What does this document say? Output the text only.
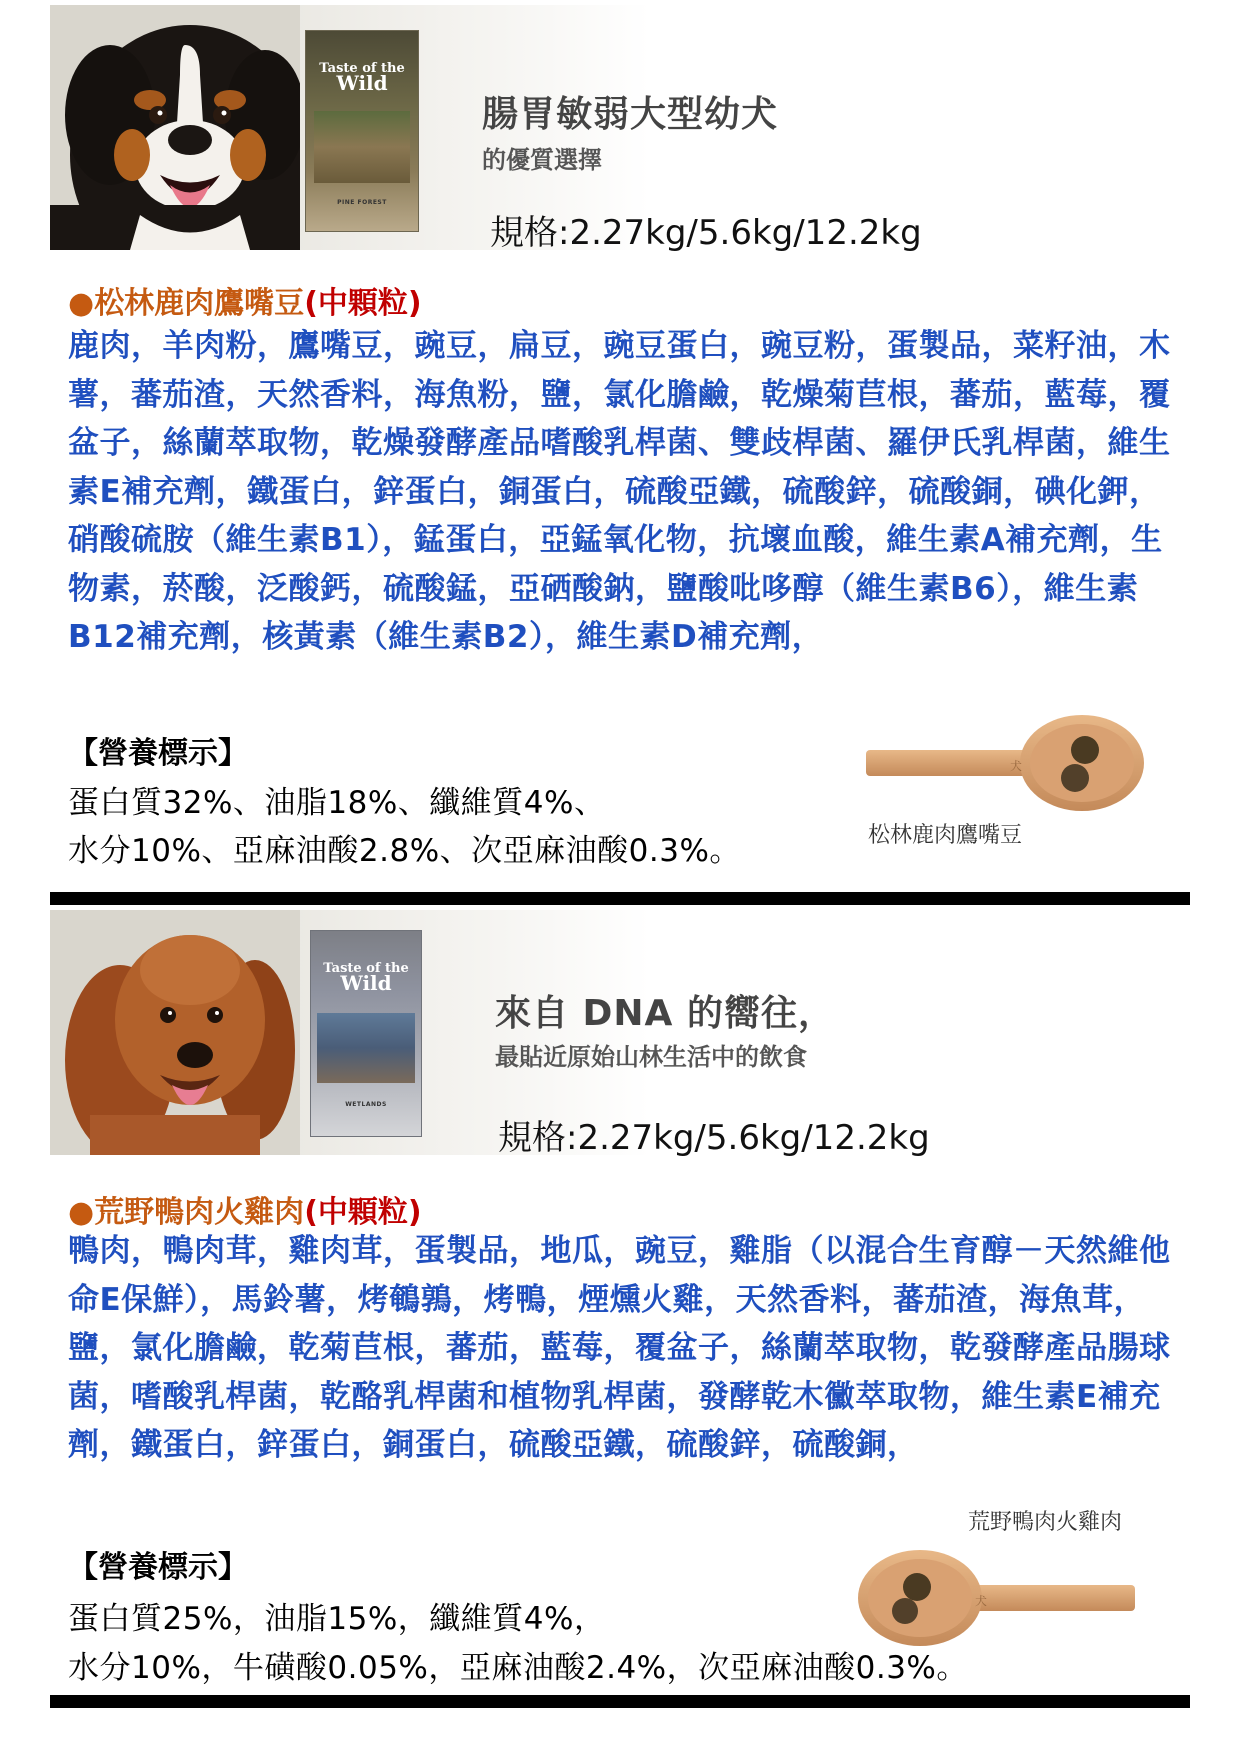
Taste of the
Wild
PINE FOREST
腸胃敏弱大型幼犬
的優質選擇
規格:2.27kg/5.6kg/12.2kg
●松林鹿肉鷹嘴豆(中顆粒)
鹿肉，羊肉粉，鷹嘴豆，豌豆，扁豆，豌豆蛋白，豌豆粉，蛋製品，菜籽油，木薯，蕃茄渣，天然香料，海魚粉，鹽，氯化膽鹼，乾燥菊苣根，蕃茄，藍莓，覆盆子，絲蘭萃取物，乾燥發酵產品嗜酸乳桿菌、雙歧桿菌、羅伊氏乳桿菌，維生素E補充劑，鐵蛋白，鋅蛋白，銅蛋白，硫酸亞鐵，硫酸鋅，硫酸銅，碘化鉀，硝酸硫胺（維生素B1），錳蛋白，亞錳氧化物，抗壞血酸，維生素A補充劑，生物素，菸酸，泛酸鈣，硫酸錳，亞硒酸鈉，鹽酸吡哆醇（維生素B6），維生素B12補充劑，核黃素（維生素B2），維生素D補充劑，
【營養標示】
蛋白質32%、油脂18%、纖維質4%、
水分10%、亞麻油酸2.8%、次亞麻油酸0.3%。
犬
松林鹿肉鷹嘴豆
Taste of the
Wild
WETLANDS
來自 DNA 的嚮往，
最貼近原始山林生活中的飲食
規格:2.27kg/5.6kg/12.2kg
●荒野鴨肉火雞肉(中顆粒)
鴨肉，鴨肉茸，雞肉茸，蛋製品，地瓜，豌豆，雞脂（以混合生育醇－天然維他命E保鮮），馬鈴薯，烤鵪鶉，烤鴨，煙燻火雞，天然香料，蕃茄渣，海魚茸，鹽，氯化膽鹼，乾菊苣根，蕃茄，藍莓，覆盆子，絲蘭萃取物，乾發酵產品腸球菌，嗜酸乳桿菌，乾酪乳桿菌和植物乳桿菌，發酵乾木黴萃取物，維生素E補充劑，鐵蛋白，鋅蛋白，銅蛋白，硫酸亞鐵，硫酸鋅，硫酸銅，
荒野鴨肉火雞肉
犬
【營養標示】
蛋白質25%，油脂15%，纖維質4%，
水分10%，牛磺酸0.05%，亞麻油酸2.4%，次亞麻油酸0.3%。
